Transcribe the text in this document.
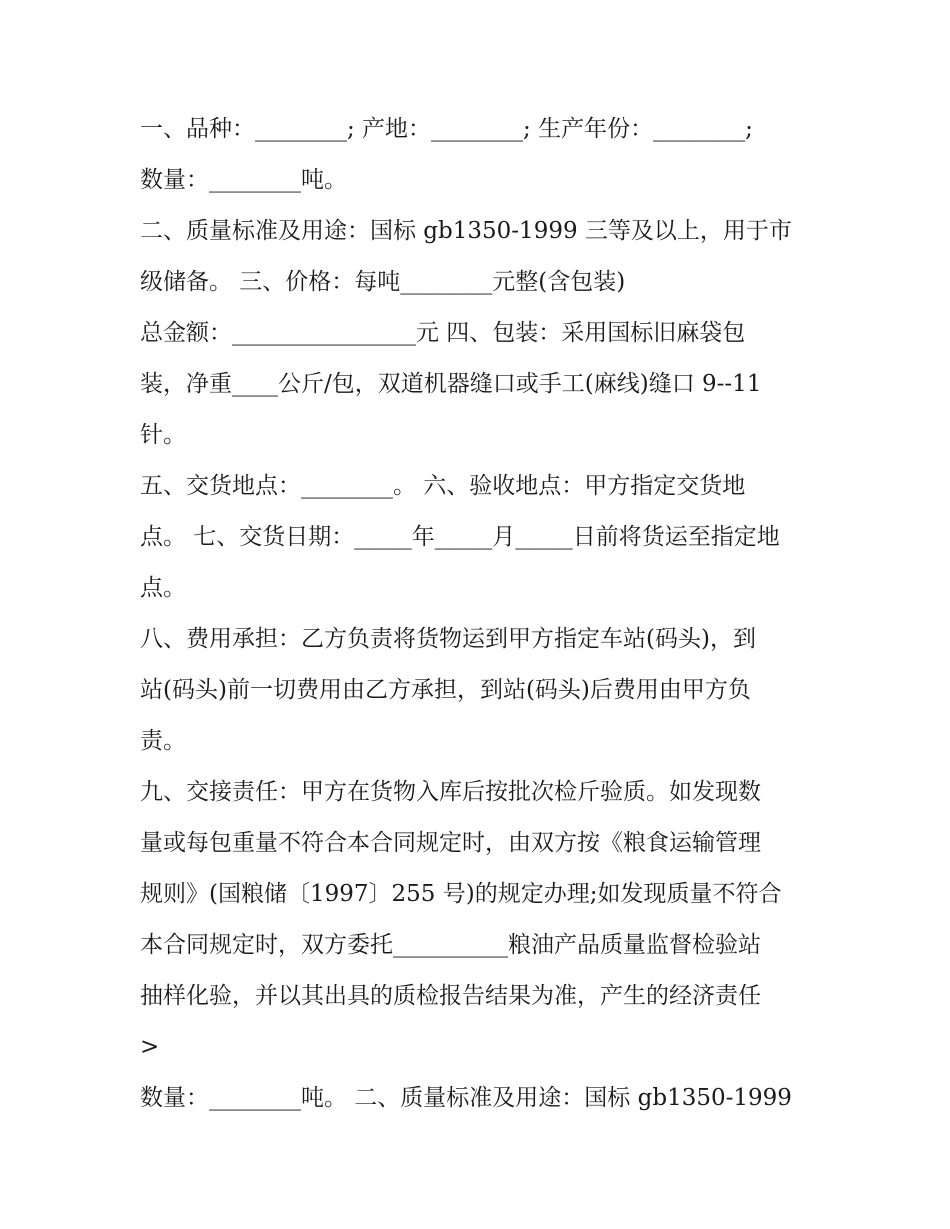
一、品种：________; 产地：________; 生产年份：________;
数量：________吨。
二、质量标准及用途：国标 gb1350-1999 三等及以上，用于市
级储备。 三、价格：每吨________元整(含包装)
总金额：________________元 四、包装：采用国标旧麻袋包
装，净重____公斤/包，双道机器缝口或手工(麻线)缝口 9--11
针。
五、交货地点：________。 六、验收地点：甲方指定交货地
点。 七、交货日期：_____年_____月_____日前将货运至指定地
点。
八、费用承担：乙方负责将货物运到甲方指定车站(码头)，到
站(码头)前一切费用由乙方承担，到站(码头)后费用由甲方负
责。
九、交接责任：甲方在货物入库后按批次检斤验质。如发现数
量或每包重量不符合本合同规定时，由双方按《粮食运输管理
规则》(国粮储〔1997〕255 号)的规定办理;如发现质量不符合
本合同规定时，双方委托__________粮油产品质量监督检验站
抽样化验，并以其出具的质检报告结果为准，产生的经济责任
>
数量：________吨。 二、质量标准及用途：国标 gb1350-1999
